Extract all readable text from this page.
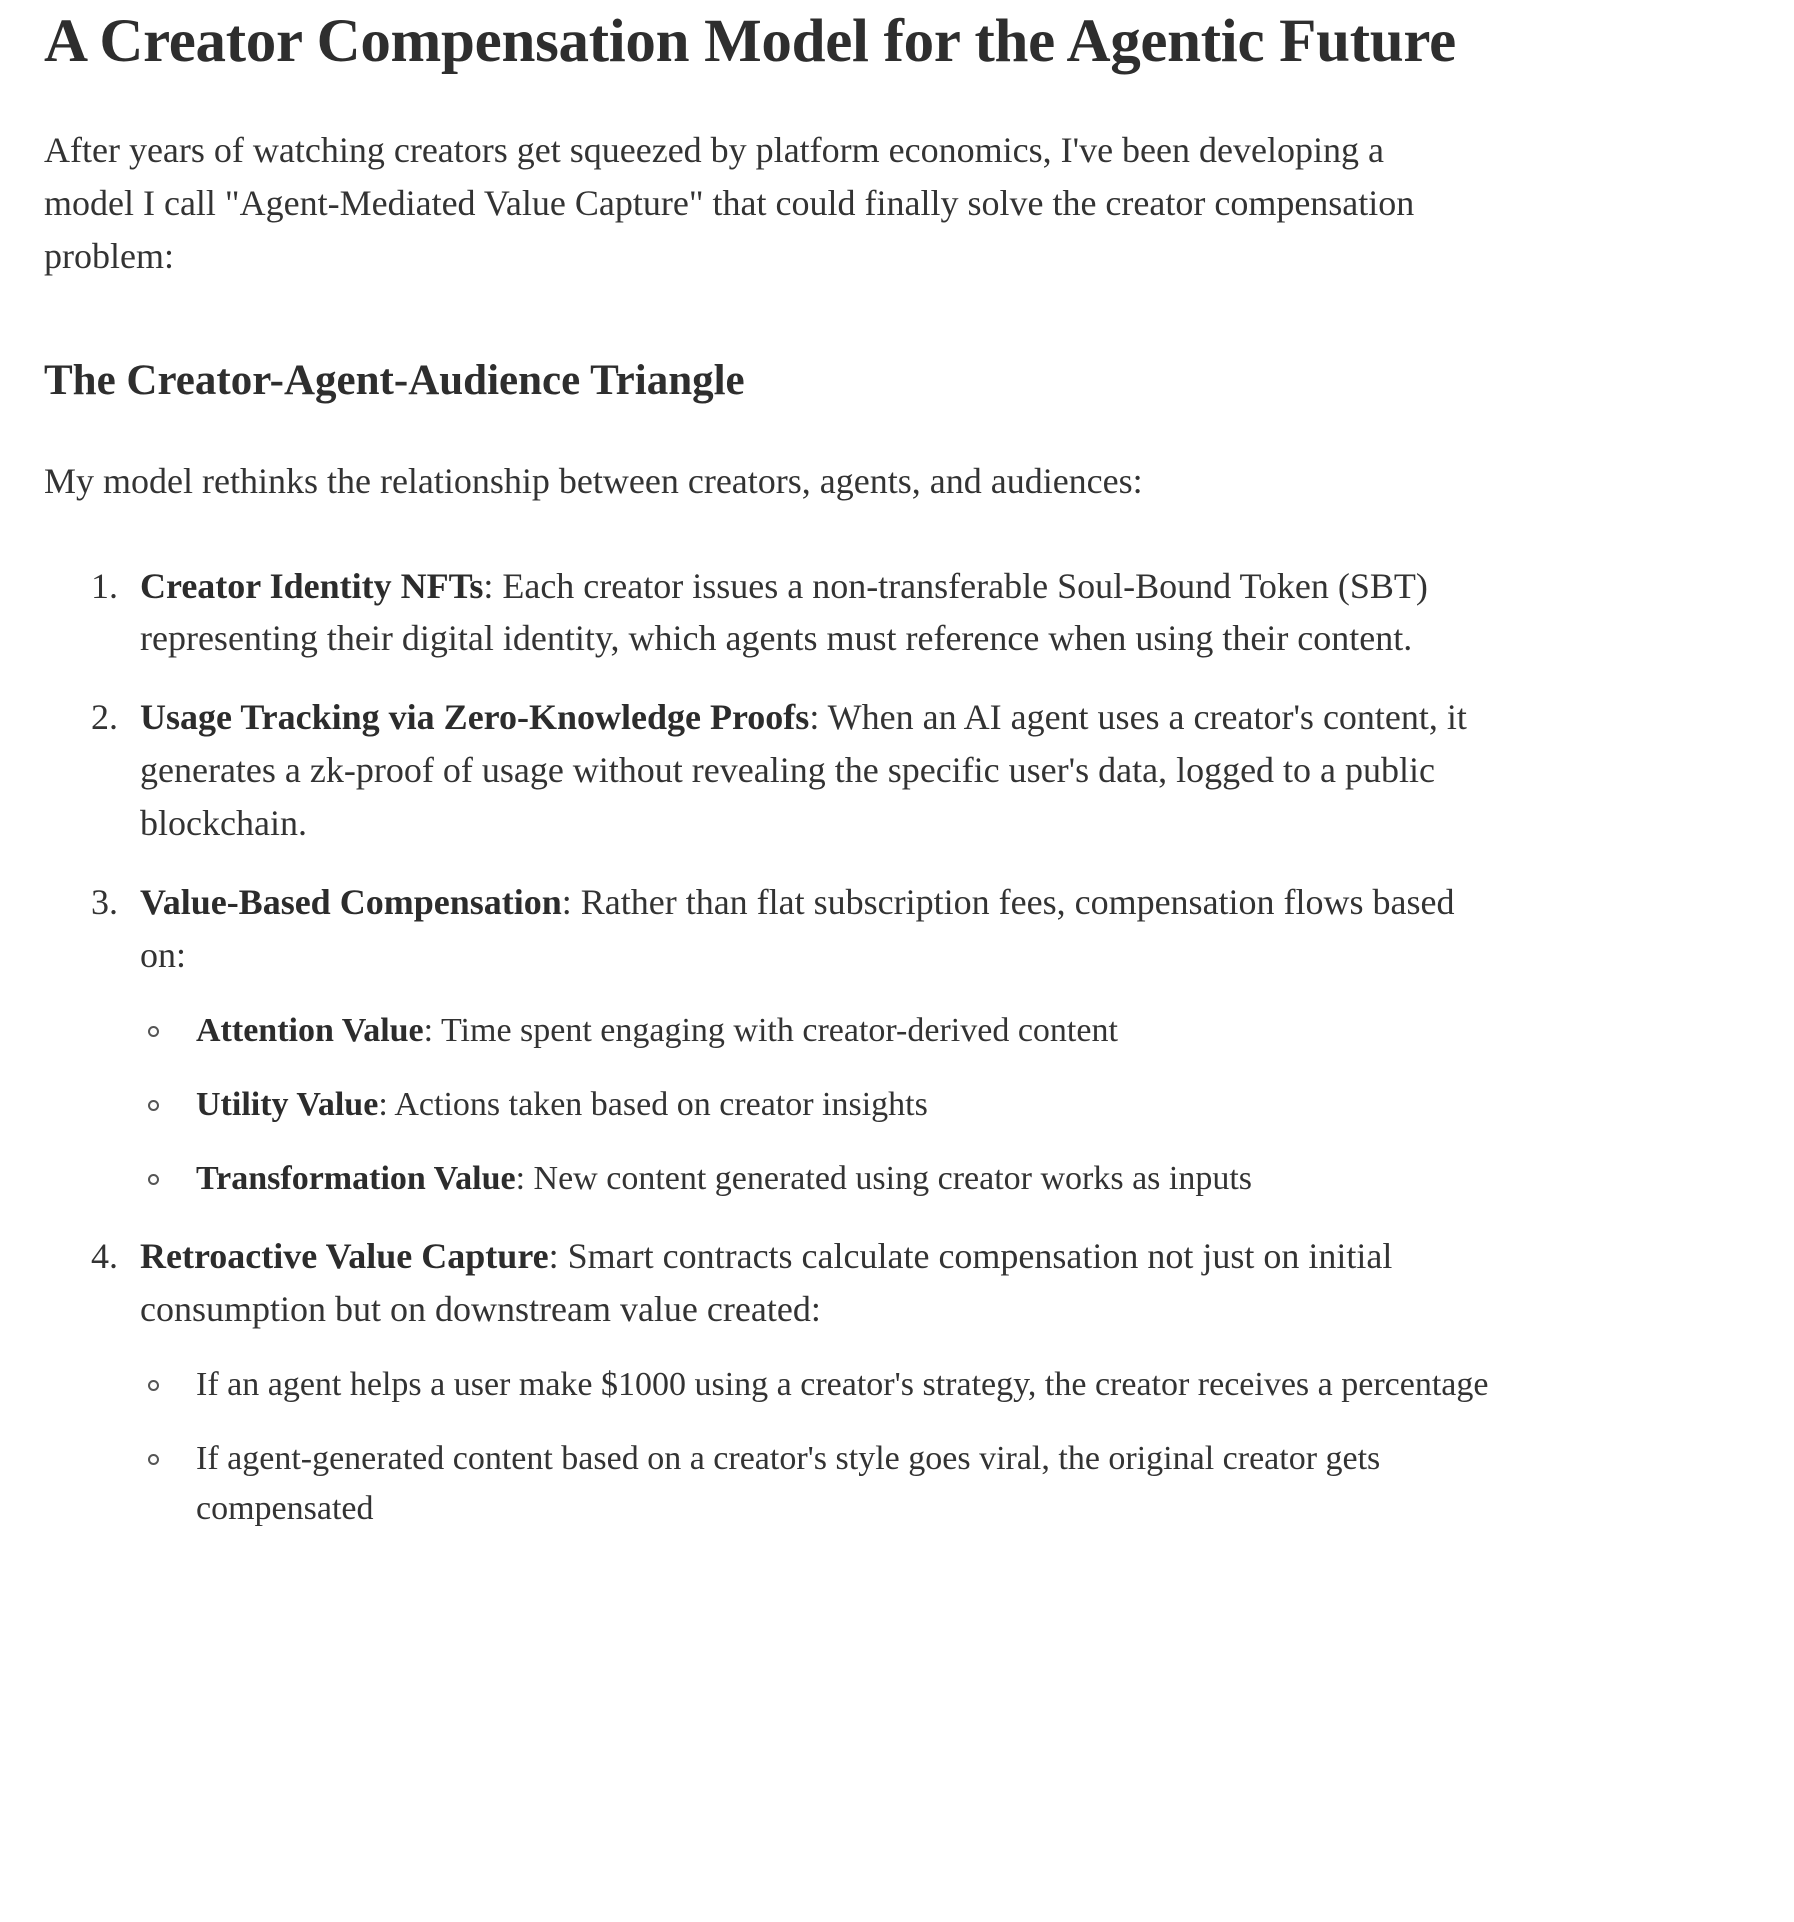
A Creator Compensation Model for the Agentic Future

After years of watching creators get squeezed by platform economics, I've been developing a model I call "Agent-Mediated Value Capture" that could finally solve the creator compensation problem:

The Creator-Agent-Audience Triangle

My model rethinks the relationship between creators, agents, and audiences:

Creator Identity NFTs: Each creator issues a non-transferable Soul-Bound Token (SBT) representing their digital identity, which agents must reference when using their content.
Usage Tracking via Zero-Knowledge Proofs: When an AI agent uses a creator's content, it generates a zk-proof of usage without revealing the specific user's data, logged to a public blockchain.
Value-Based Compensation: Rather than flat subscription fees, compensation flows based on:
Attention Value: Time spent engaging with creator-derived content
Utility Value: Actions taken based on creator insights
Transformation Value: New content generated using creator works as inputs
Retroactive Value Capture: Smart contracts calculate compensation not just on initial consumption but on downstream value created:
If an agent helps a user make $1000 using a creator's strategy, the creator receives a percentage
If agent-generated content based on a creator's style goes viral, the original creator gets compensated
